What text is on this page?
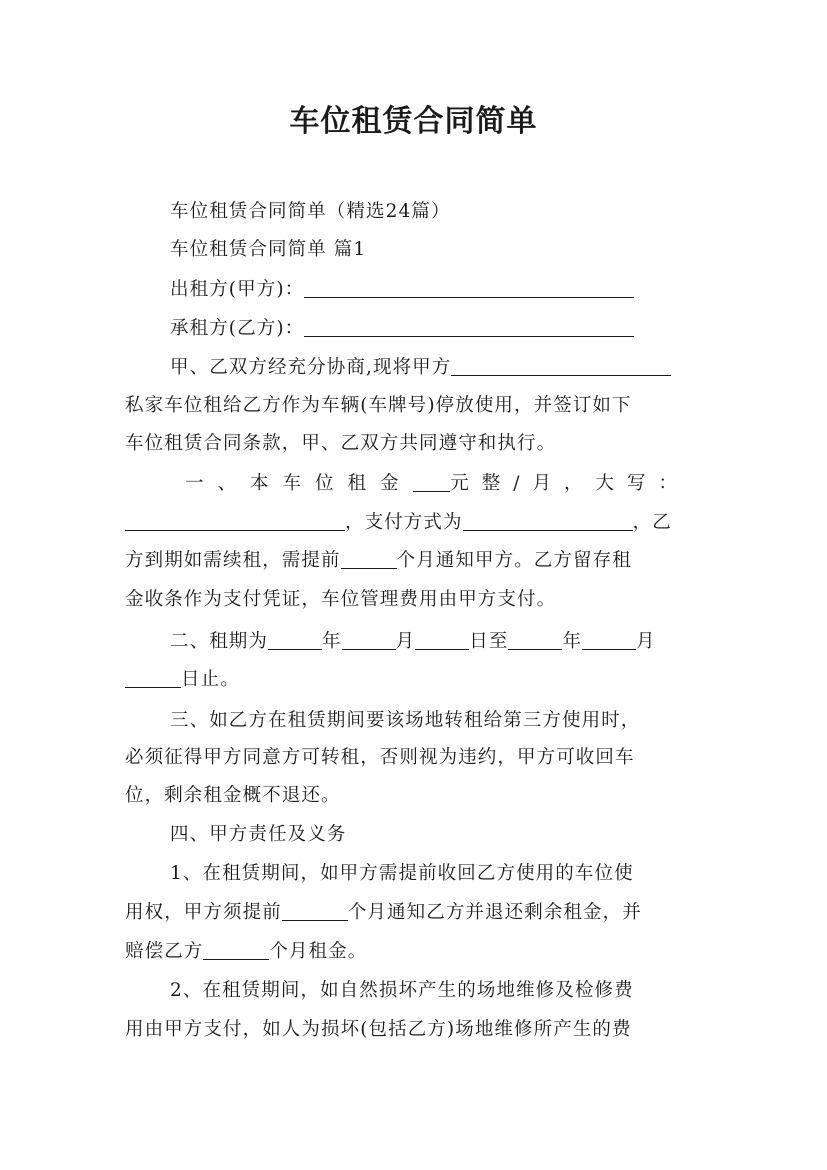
车位租赁合同简单
车位租赁合同简单（精选24篇）
车位租赁合同简单 篇1
出租方(甲方)：
承租方(乙方)：
甲、乙双方经充分协商,现将甲方
私家车位租给乙方作为车辆(车牌号)停放使用，并签订如下
车位租赁合同条款，甲、乙双方共同遵守和执行。
一、本车位租金 元整/月，大写：
，支付方式为	，乙
方到期如需续租，需提前	个月通知甲方。乙方留存租
金收条作为支付凭证，车位管理费用由甲方支付。
二、租期为	年	月	日至	年	月
日止。
三、如乙方在租赁期间要该场地转租给第三方使用时，
必须征得甲方同意方可转租，否则视为违约，甲方可收回车
位，剩余租金概不退还。
四、甲方责任及义务
1、在租赁期间，如甲方需提前收回乙方使用的车位使
用权，甲方须提前	个月通知乙方并退还剩余租金，并
赔偿乙方	个月租金。
2、在租赁期间，如自然损坏产生的场地维修及检修费
用由甲方支付，如人为损坏(包括乙方)场地维修所产生的费
